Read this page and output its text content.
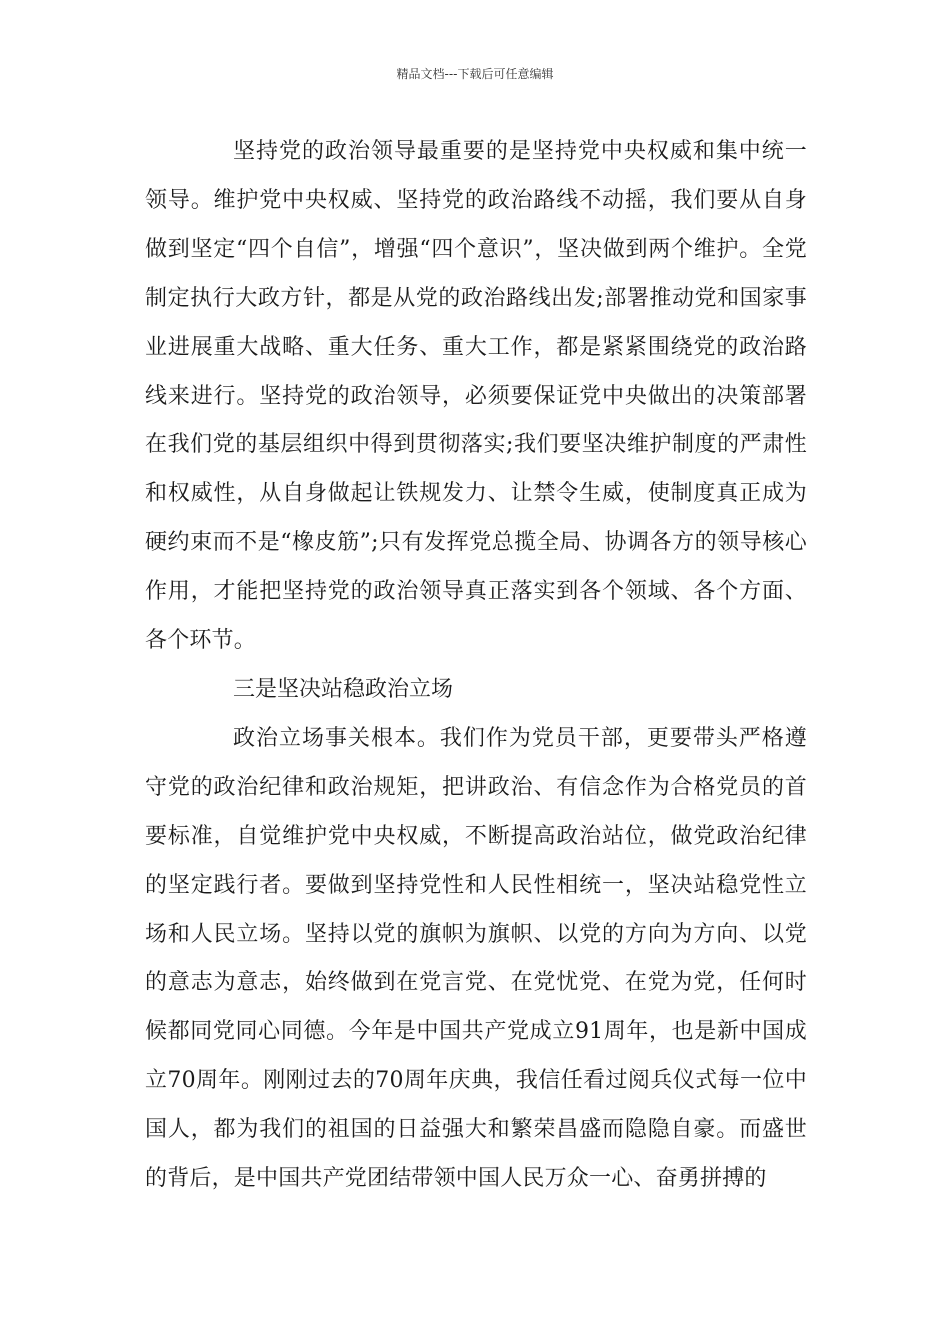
精品文档---下载后可任意编辑

坚持党的政治领导最重要的是坚持党中央权威和集中统一领导。维护党中央权威、坚持党的政治路线不动摇，我们要从自身做到坚定“四个自信”，增强“四个意识”，坚决做到两个维护。全党制定执行大政方针，都是从党的政治路线出发;部署推动党和国家事业进展重大战略、重大任务、重大工作，都是紧紧围绕党的政治路线来进行。坚持党的政治领导，必须要保证党中央做出的决策部署在我们党的基层组织中得到贯彻落实;我们要坚决维护制度的严肃性和权威性，从自身做起让铁规发力、让禁令生威，使制度真正成为硬约束而不是“橡皮筋”;只有发挥党总揽全局、协调各方的领导核心作用，才能把坚持党的政治领导真正落实到各个领域、各个方面、各个环节。

三是坚决站稳政治立场

政治立场事关根本。我们作为党员干部，更要带头严格遵守党的政治纪律和政治规矩，把讲政治、有信念作为合格党员的首要标准，自觉维护党中央权威，不断提高政治站位，做党政治纪律的坚定践行者。要做到坚持党性和人民性相统一，坚决站稳党性立场和人民立场。坚持以党的旗帜为旗帜、以党的方向为方向、以党的意志为意志，始终做到在党言党、在党忧党、在党为党，任何时候都同党同心同德。今年是中国共产党成立91周年，也是新中国成立70周年。刚刚过去的70周年庆典，我信任看过阅兵仪式每一位中国人，都为我们的祖国的日益强大和繁荣昌盛而隐隐自豪。而盛世的背后，是中国共产党团结带领中国人民万众一心、奋勇拼搏的
